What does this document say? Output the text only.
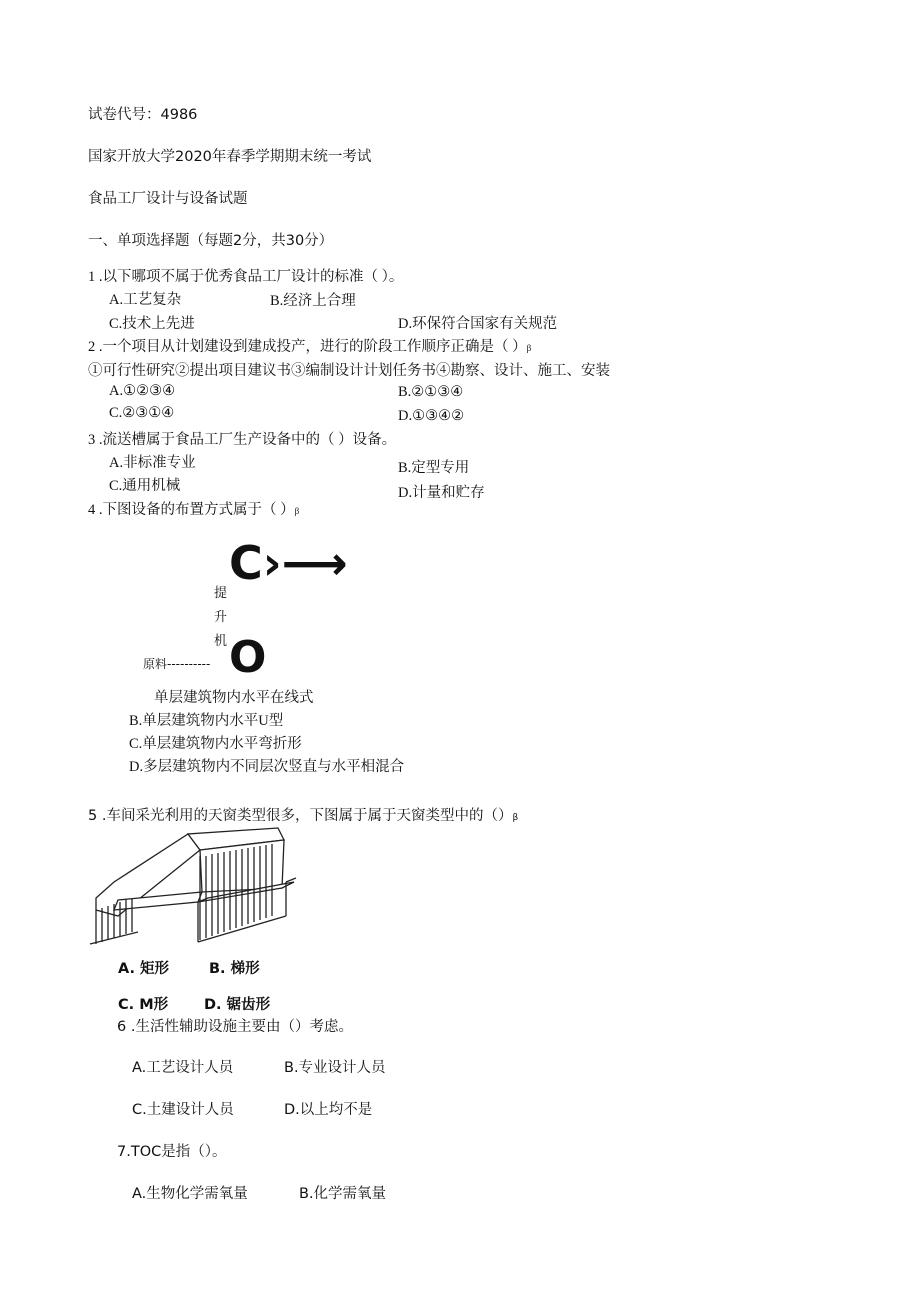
试卷代号：4986
国家开放大学2020年春季学期期末统一考试
食品工厂设计与设备试题
一、单项选择题（每题2分，共30分）
1 .以下哪项不属于优秀食品工厂设计的标准（ ）。
A.工艺复杂	B.经济上合理
C.技术上先进	D.环保符合国家有关规范
2 .一个项目从计划建设到建成投产，进行的阶段工作顺序正确是（ ）β
①可行性研究②提出项目建议书③编制设计计划任务书④勘察、设计、施工、安装
A.①②③④	B.②①③④
C.②③①④	D.①③④②
3 .流送槽属于食品工厂生产设备中的（ ）设备。
A.非标准专业	B.定型专用
C.通用机械	D.计量和贮存
4 .下图设备的布置方式属于（ ）β
C›⟶
提
升
机
原料---------- O
单层建筑物内水平在线式
B.单层建筑物内水平U型
C.单层建筑物内水平弯折形
D.多层建筑物内不同层次竖直与水平相混合
5 .车间采光利用的天窗类型很多，下图属于属于天窗类型中的（）β
A. 矩形	B. 梯形
C. M形 D. 锯齿形
6 .生活性辅助设施主要由（）考虑。
A.工艺设计人员	B.专业设计人员
C.土建设计人员	D.以上均不是
7.TOC是指（）。
A.生物化学需氧量	B.化学需氧量
